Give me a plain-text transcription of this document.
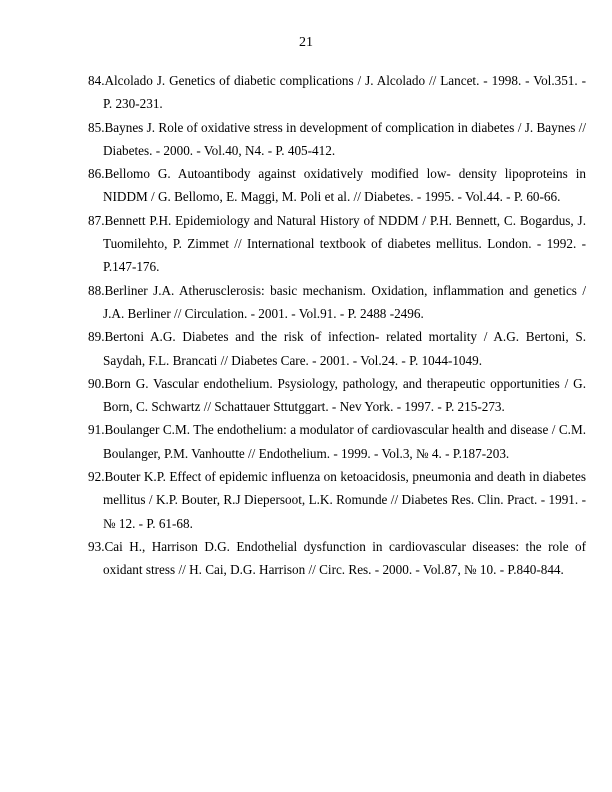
21
84.Alcolado J. Genetics of diabetic complications / J. Alcolado // Lancet. - 1998. - Vol.351. - P. 230-231.
85.Baynes J. Role of oxidative stress in development of complication in diabetes / J. Baynes // Diabetes. - 2000. - Vol.40, N4. - P. 405-412.
86.Bellomo G. Autoantibody against oxidatively modified low- density lipoproteins in NIDDM / G. Bellomo, E. Maggi, M. Poli et al. // Diabetes. - 1995. - Vol.44. - P. 60-66.
87.Bennett P.H. Epidemiology and Natural History of NDDM / P.H. Bennett, C. Bogardus, J. Tuomilehto, P. Zimmet // International textbook of diabetes mellitus. London. - 1992. - P.147-176.
88.Berliner J.A. Atherusclerosis: basic mechanism. Oxidation, inflammation and genetics / J.A. Berliner // Circulation. - 2001. - Vol.91. - P. 2488 -2496.
89.Bertoni A.G. Diabetes and the risk of infection- related mortality / A.G. Bertoni, S. Saydah, F.L. Brancati // Diabetes Care. - 2001. - Vol.24. - P. 1044-1049.
90.Born G. Vascular endothelium. Psysiology, pathology, and therapeutic opportunities / G. Born, C. Schwartz // Schattauer Sttutggart. - Nev York. - 1997. - P. 215-273.
91.Boulanger C.M. The endothelium: a modulator of cardiovascular health and disease / C.M. Boulanger, P.M. Vanhoutte // Endothelium. - 1999. - Vol.3, № 4. - P.187-203.
92.Bouter K.P. Effect of epidemic influenza on ketoacidosis, pneumonia and death in diabetes mellitus / K.P. Bouter, R.J Diepersoot, L.K. Romunde // Diabetes Res. Clin. Pract. - 1991. - № 12. - P. 61-68.
93.Cai H., Harrison D.G. Endothelial dysfunction in cardiovascular diseases: the role of oxidant stress // H. Cai, D.G. Harrison // Circ. Res. - 2000. - Vol.87, № 10. - P.840-844.
